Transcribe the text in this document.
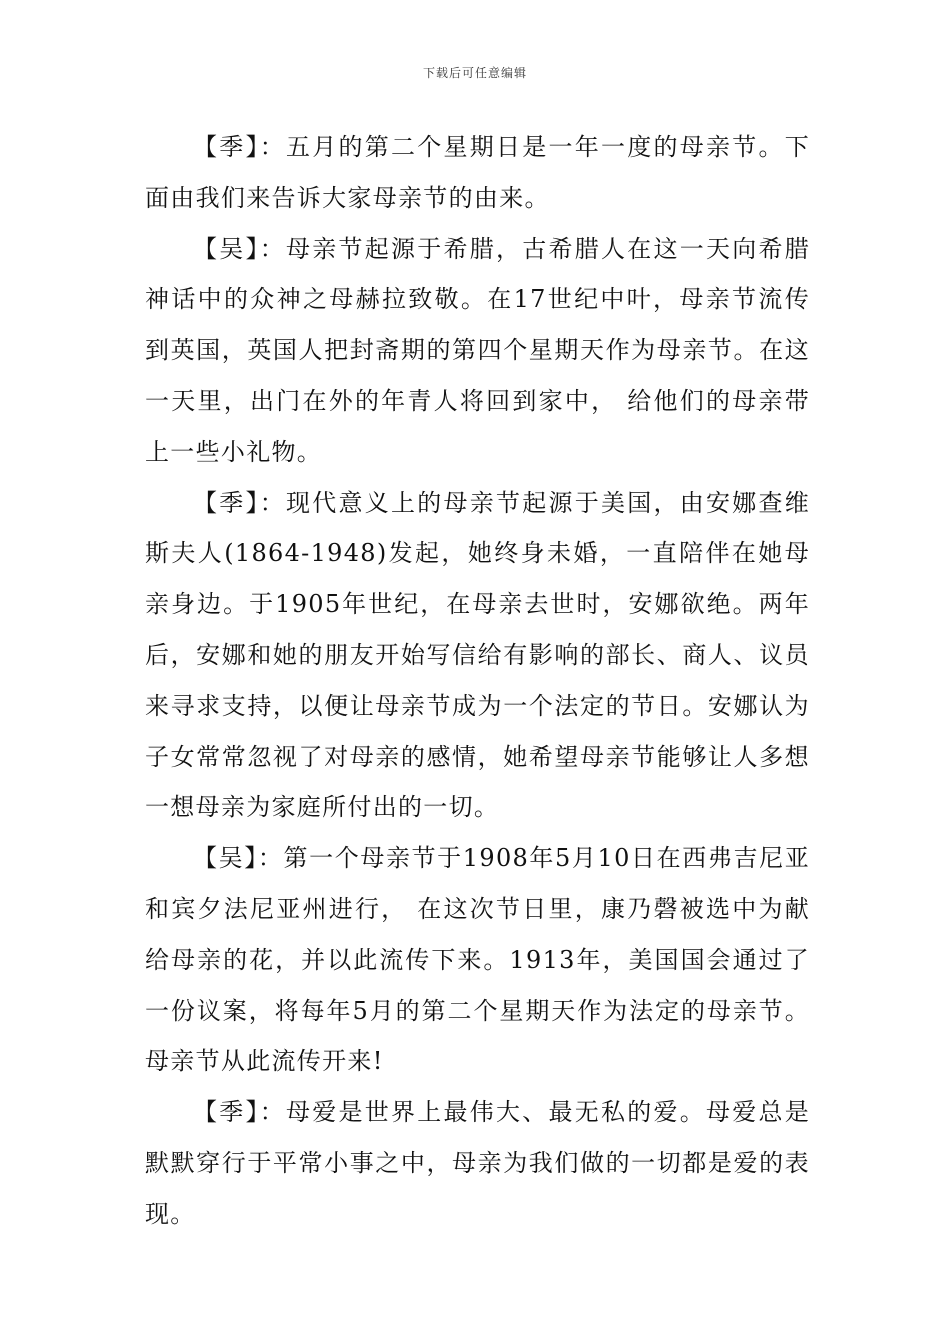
下载后可任意编辑

【季】：五月的第二个星期日是一年一度的母亲节。下面由我们来告诉大家母亲节的由来。

【吴】：母亲节起源于希腊，古希腊人在这一天向希腊神话中的众神之母赫拉致敬。在17世纪中叶，母亲节流传到英国，英国人把封斋期的第四个星期天作为母亲节。在这一天里，出门在外的年青人将回到家中， 给他们的母亲带上一些小礼物。

【季】：现代意义上的母亲节起源于美国，由安娜查维斯夫人(1864-1948)发起，她终身未婚，一直陪伴在她母亲身边。于1905年世纪，在母亲去世时，安娜欲绝。两年后，安娜和她的朋友开始写信给有影响的部长、商人、议员来寻求支持，以便让母亲节成为一个法定的节日。安娜认为子女常常忽视了对母亲的感情，她希望母亲节能够让人多想一想母亲为家庭所付出的一切。

【吴】：第一个母亲节于1908年5月10日在西弗吉尼亚和宾夕法尼亚州进行， 在这次节日里，康乃磬被选中为献给母亲的花，并以此流传下来。1913年，美国国会通过了一份议案，将每年5月的第二个星期天作为法定的母亲节。母亲节从此流传开来!

【季】：母爱是世界上最伟大、最无私的爱。母爱总是默默穿行于平常小事之中，母亲为我们做的一切都是爱的表现。
